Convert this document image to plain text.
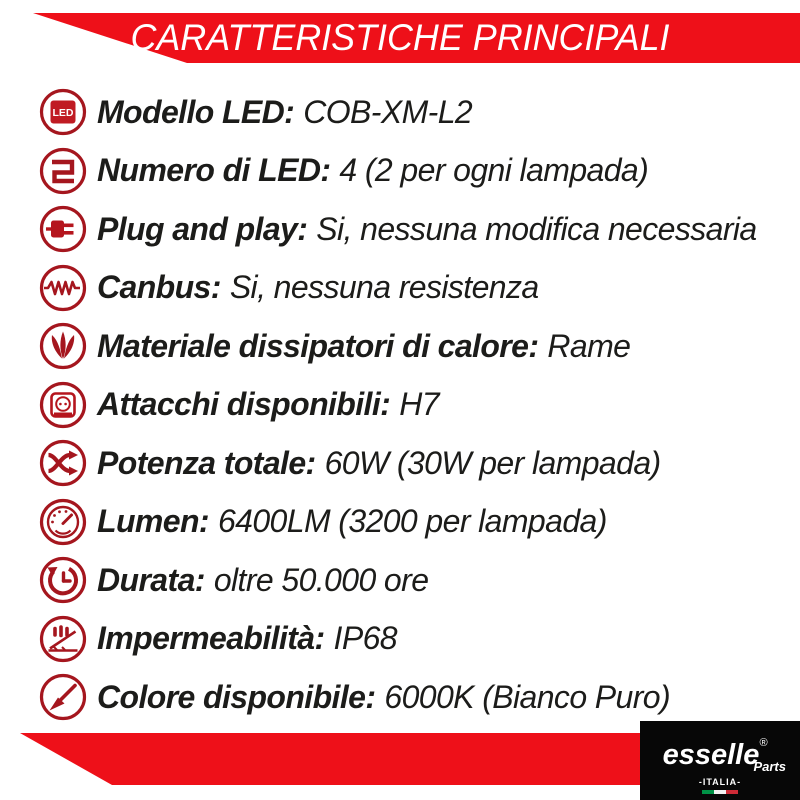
CARATTERISTICHE PRINCIPALI
LED Modello LED: COB-XM-L2
Numero di LED: 4 (2 per ogni lampada)
Plug and play: Si, nessuna modifica necessaria
Canbus: Si, nessuna resistenza
Materiale dissipatori di calore: Rame
Attacchi disponibili: H7
Potenza totale: 60W (30W per lampada)
Lumen: 6400LM (3200 per lampada)
Durata: oltre 50.000 ore
Impermeabilità: IP68
Colore disponibile: 6000K (Bianco Puro)
esselle®
Parts
-ITALIA-
